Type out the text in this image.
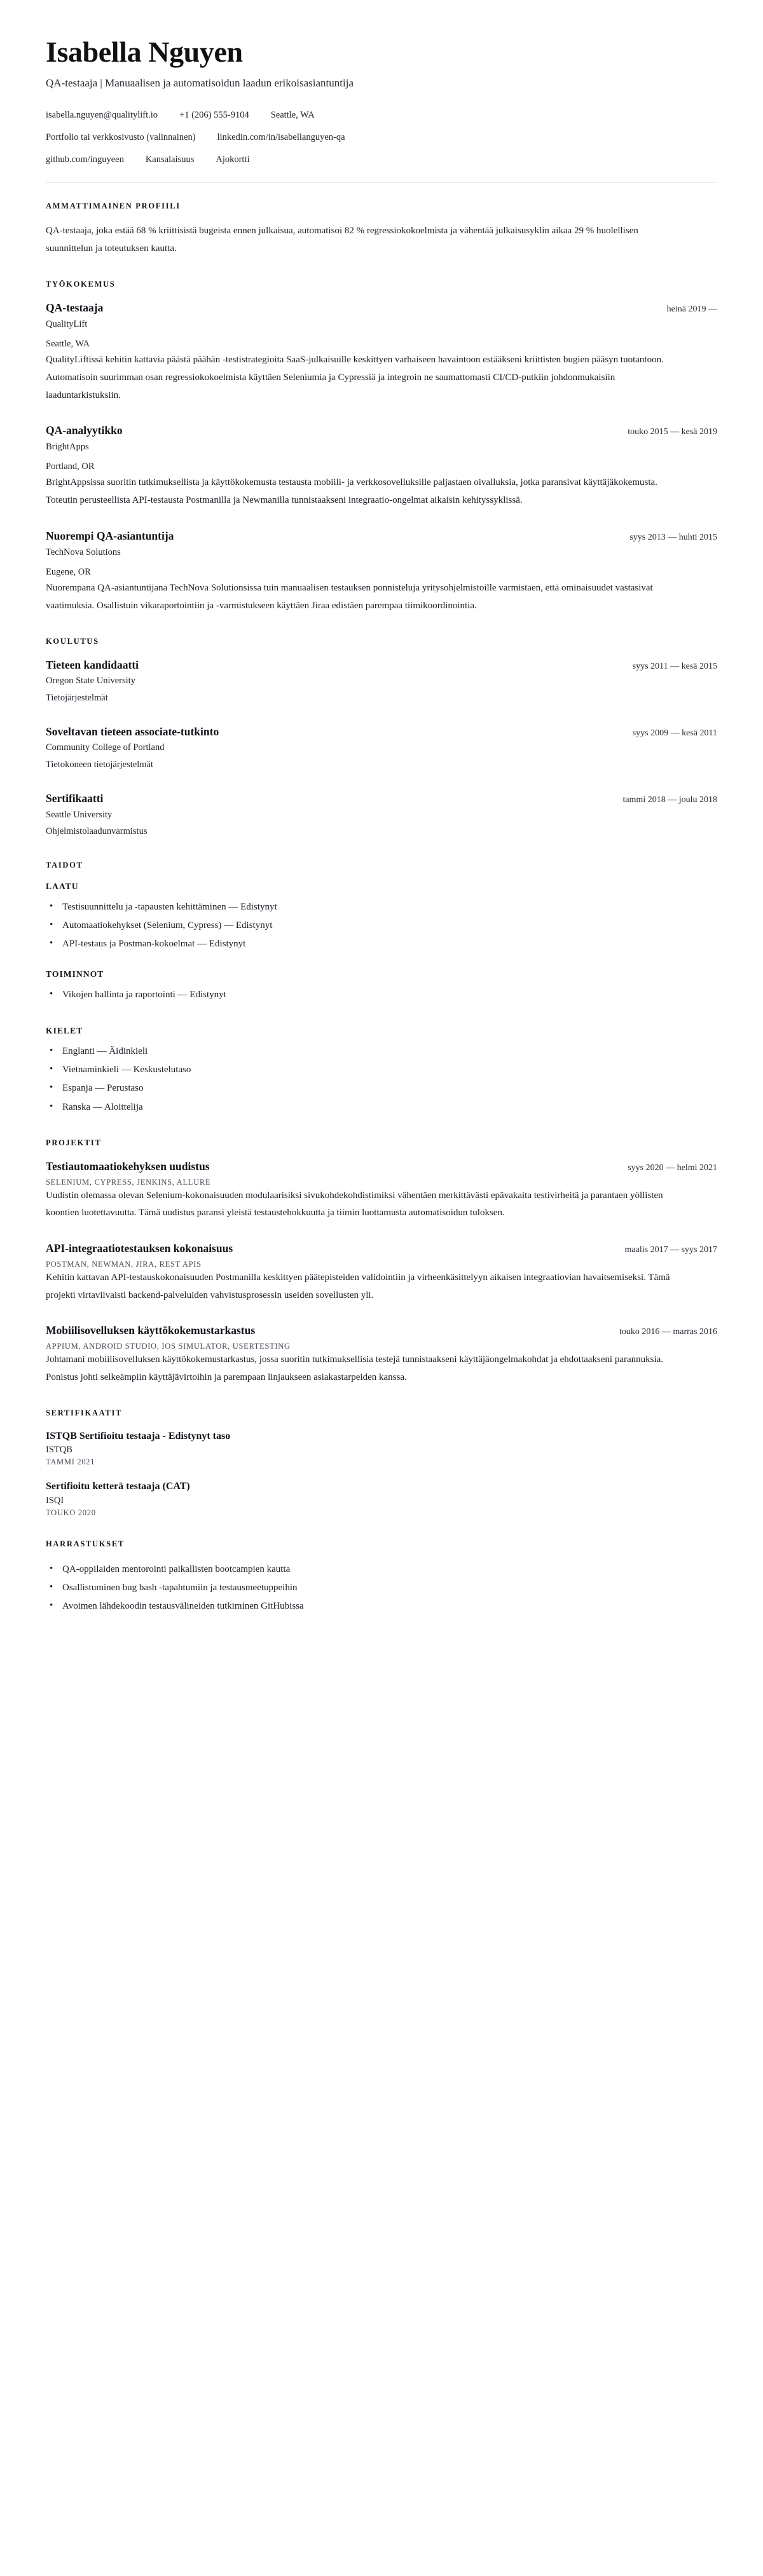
Isabella Nguyen
QA-testaaja | Manuaalisen ja automatisoidun laadun erikoisasiantuntija
isabella.nguyen@qualitylift.io +1 (206) 555-9104 Seattle, WA
Portfolio tai verkkosivusto (valinnainen) linkedin.com/in/isabellanguyen-qa
github.com/inguyeen Kansalaisuus Ajokortti
AMMATTIMAINEN PROFIILI

QA-testaaja, joka estää 68 % kriittisistä bugeista ennen julkaisua, automatisoi 82 % regressiokokoelmista ja vähentää julkaisusyklin aikaa 29 % huolellisen suunnittelun ja toteutuksen kautta.

TYÖKOKEMUS
QA-testaaja	heinä 2019 —
QualityLift
Seattle, WA

QualityLiftissä kehitin kattavia päästä päähän -testistrategioita SaaS-julkaisuille keskittyen varhaiseen havaintoon estääkseni kriittisten bugien pääsyn tuotantoon. Automatisoin suurimman osan regressiokokoelmista käyttäen Seleniumia ja Cypressiä ja integroin ne saumattomasti CI/CD-putkiin johdonmukaisiin laaduntarkistuksiin.

QA-analyytikko	touko 2015 — kesä 2019
BrightApps
Portland, OR

BrightAppsissa suoritin tutkimuksellista ja käyttökokemusta testausta mobiili- ja verkkosovelluksille paljastaen oivalluksia, jotka paransivat käyttäjäkokemusta. Toteutin perusteellista API-testausta Postmanilla ja Newmanilla tunnistaakseni integraatio-ongelmat aikaisin kehityssyklissä.

Nuorempi QA-asiantuntija	syys 2013 — huhti 2015
TechNova Solutions
Eugene, OR

Nuorempana QA-asiantuntijana TechNova Solutionsissa tuin manuaalisen testauksen ponnisteluja yritysohjelmistoille varmistaen, että ominaisuudet vastasivat vaatimuksia. Osallistuin vikaraportointiin ja -varmistukseen käyttäen Jiraa edistäen parempaa tiimikoordinointia.

KOULUTUS
Tieteen kandidaatti	syys 2011 — kesä 2015
Oregon State University
Tietojärjestelmät
Soveltavan tieteen associate-tutkinto	syys 2009 — kesä 2011
Community College of Portland
Tietokoneen tietojärjestelmät
Sertifikaatti	tammi 2018 — joulu 2018
Seattle University
Ohjelmistolaadunvarmistus
TAIDOT
LAATU
• Testisuunnittelu ja -tapausten kehittäminen — Edistynyt
• Automaatiokehykset (Selenium, Cypress) — Edistynyt
• API-testaus ja Postman-kokoelmat — Edistynyt
TOIMINNOT
• Vikojen hallinta ja raportointi — Edistynyt
KIELET
• Englanti — Äidinkieli
• Vietnaminkieli — Keskustelutaso
• Espanja — Perustaso
• Ranska — Aloittelija
PROJEKTIT
Testiautomaatiokehyksen uudistus	syys 2020 — helmi 2021
SELENIUM, CYPRESS, JENKINS, ALLURE

Uudistin olemassa olevan Selenium-kokonaisuuden modulaarisiksi sivukohdekohdistimiksi vähentäen merkittävästi epävakaita testivirheitä ja parantaen yöllisten koontien luotettavuutta. Tämä uudistus paransi yleistä testaustehokkuutta ja tiimin luottamusta automatisoidun tuloksen.

API-integraatiotestauksen kokonaisuus	maalis 2017 — syys 2017
POSTMAN, NEWMAN, JIRA, REST APIS

Kehitin kattavan API-testauskokonaisuuden Postmanilla keskittyen päätepisteiden validointiin ja virheenkäsittelyyn aikaisen integraatiovian havaitsemiseksi. Tämä projekti virtaviivaisti backend-palveluiden vahvistusprosessin useiden sovellusten yli.

Mobiilisovelluksen käyttökokemustarkastus	touko 2016 — marras 2016
APPIUM, ANDROID STUDIO, IOS SIMULATOR, USERTESTING

Johtamani mobiilisovelluksen käyttökokemustarkastus, jossa suoritin tutkimuksellisia testejä tunnistaakseni käyttäjäongelmakohdat ja ehdottaakseni parannuksia. Ponistus johti selkeämpiin käyttäjävirtoihin ja parempaan linjaukseen asiakastarpeiden kanssa.

SERTIFIKAATIT
ISTQB Sertifioitu testaaja - Edistynyt taso
ISTQB
TAMMI 2021
Sertifioitu ketterä testaaja (CAT)
ISQI
TOUKO 2020
HARRASTUKSET
• QA-oppilaiden mentorointi paikallisten bootcampien kautta
• Osallistuminen bug bash -tapahtumiin ja testausmeetuppeihin
• Avoimen lähdekoodin testausvälineiden tutkiminen GitHubissa
